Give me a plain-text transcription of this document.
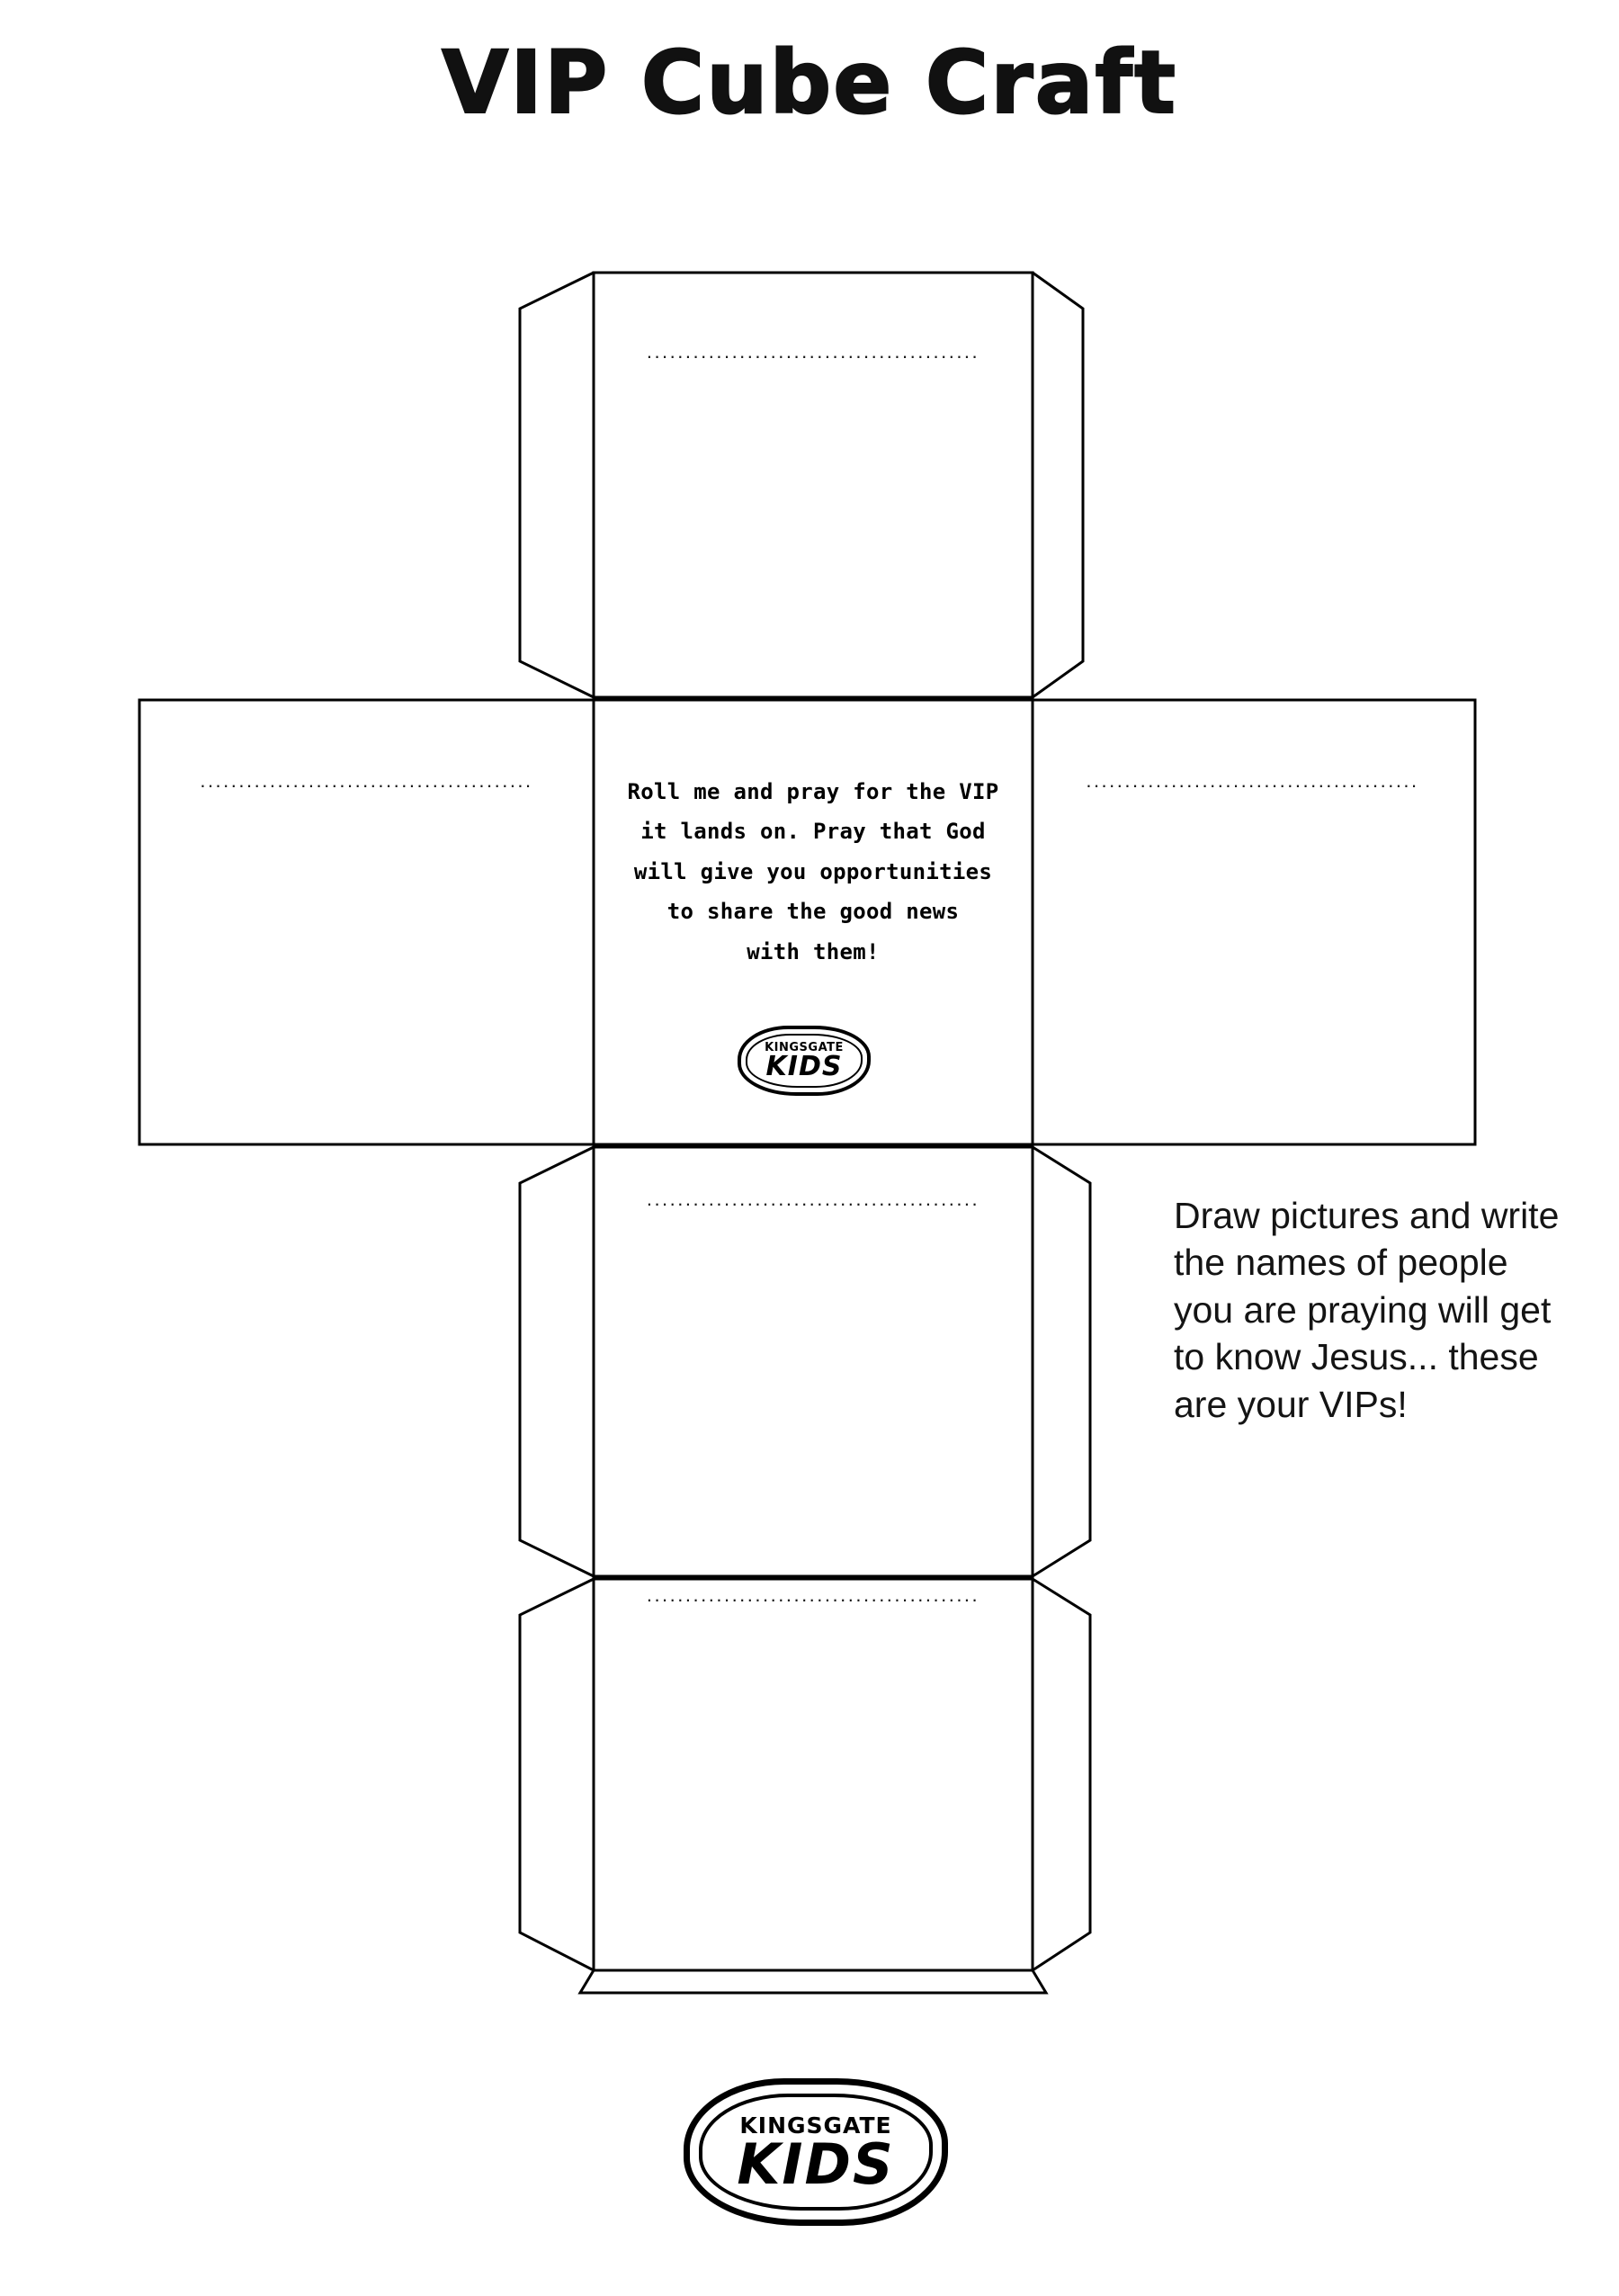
VIP Cube Craft
...........................................
...........................................	...........................................
...........................................
...........................................
Roll me and pray for the VIP
it lands on. Pray that God
will give you opportunities
to share the good news
with them!
KINGSGATE
KIDS
Draw pictures and write the names of people you are praying will get to know Jesus... these are your VIPs!
KINGSGATE
KIDS
